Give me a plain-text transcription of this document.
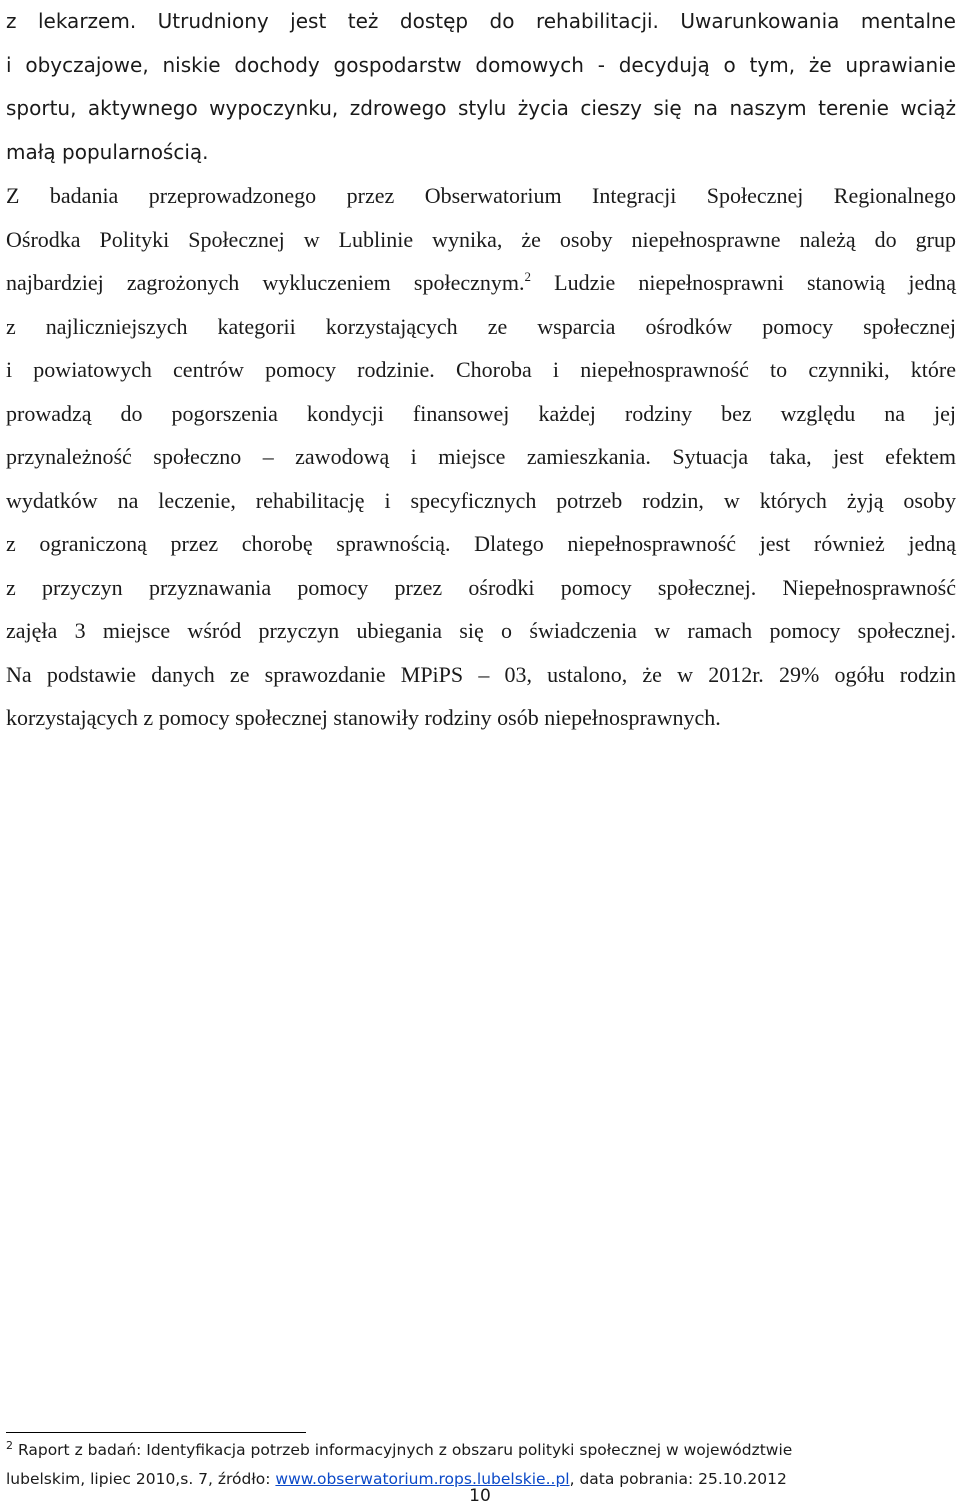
z lekarzem. Utrudniony jest też dostęp do rehabilitacji. Uwarunkowania mentalne
i obyczajowe, niskie dochody gospodarstw domowych - decydują o tym, że uprawianie
sportu, aktywnego wypoczynku, zdrowego stylu życia cieszy się na naszym terenie wciąż
małą popularnością.
Z badania przeprowadzonego przez Obserwatorium Integracji Społecznej Regionalnego
Ośrodka Polityki Społecznej w Lublinie wynika, że osoby niepełnosprawne należą do grup
najbardziej zagrożonych wykluczeniem społecznym.$^2$ Ludzie niepełnosprawni stanowią jedną
z najliczniejszych kategorii korzystających ze wsparcia ośrodków pomocy społecznej
i powiatowych centrów pomocy rodzinie. Choroba i niepełnosprawność to czynniki, które
prowadzą do pogorszenia kondycji finansowej każdej rodziny bez względu na jej
przynależność społeczno – zawodową i miejsce zamieszkania. Sytuacja taka, jest efektem
wydatków na leczenie, rehabilitację i specyficznych potrzeb rodzin, w których żyją osoby
z ograniczoną przez chorobę sprawnością. Dlatego niepełnosprawność jest również jedną
z przyczyn przyznawania pomocy przez ośrodki pomocy społecznej. Niepełnosprawność
zajęła 3 miejsce wśród przyczyn ubiegania się o świadczenia w ramach pomocy społecznej.
Na podstawie danych ze sprawozdanie MPiPS – 03, ustalono, że w 2012r. 29% ogółu rodzin
korzystających z pomocy społecznej stanowiły rodziny osób niepełnosprawnych.
$^2$ Raport z badań: Identyfikacja potrzeb informacyjnych z obszaru polityki społecznej w województwie
lubelskim, lipiec 2010,s. 7, źródło: www.obserwatorium.rops.lubelskie..pl, data pobrania: 25.10.2012
10
